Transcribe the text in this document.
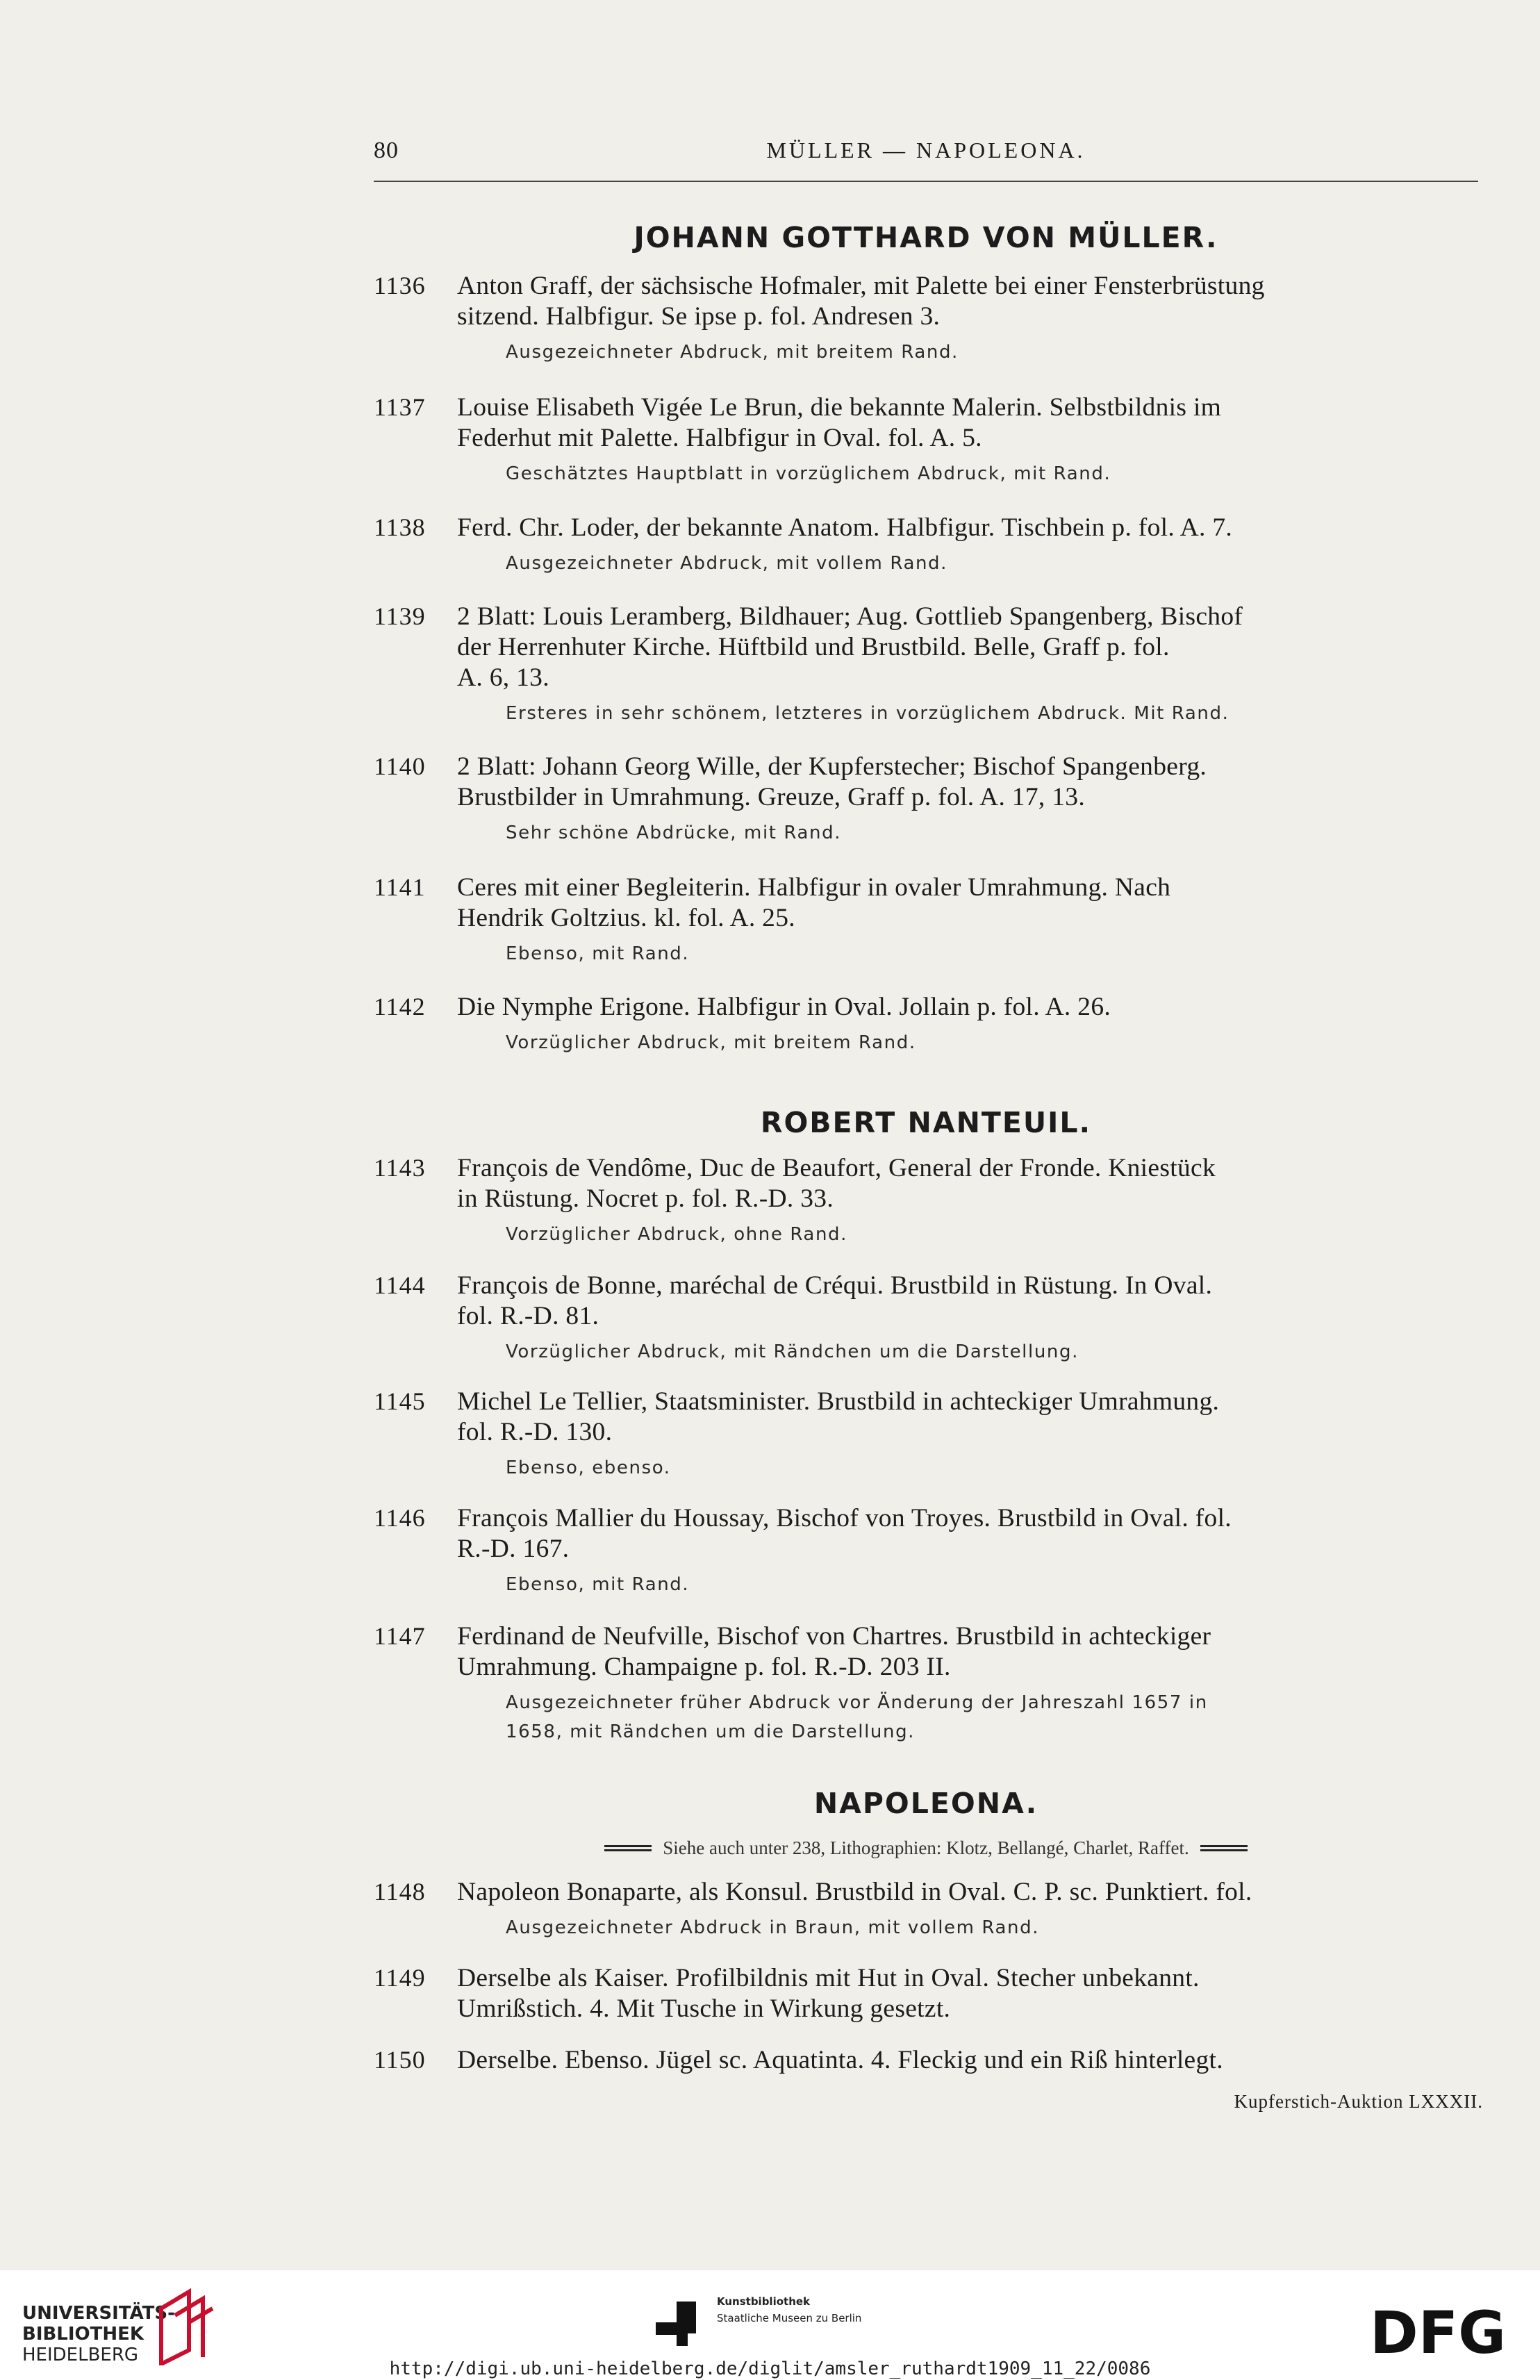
80	MÜLLER — NAPOLEONA.
JOHANN GOTTHARD VON MÜLLER.
1136 Anton Graff, der sächsische Hofmaler, mit Palette bei einer Fensterbrüstung
sitzend. Halbfigur. Se ipse p. fol. Andresen 3.
Ausgezeichneter Abdruck, mit breitem Rand.
1137 Louise Elisabeth Vigée Le Brun, die bekannte Malerin. Selbstbildnis im
Federhut mit Palette. Halbfigur in Oval. fol. A. 5.
Geschätztes Hauptblatt in vorzüglichem Abdruck, mit Rand.
1138 Ferd. Chr. Loder, der bekannte Anatom. Halbfigur. Tischbein p. fol. A. 7.
Ausgezeichneter Abdruck, mit vollem Rand.
1139 2 Blatt: Louis Leramberg, Bildhauer; Aug. Gottlieb Spangenberg, Bischof
der Herrenhuter Kirche. Hüftbild und Brustbild. Belle, Graff p. fol.
A. 6, 13.
Ersteres in sehr schönem, letzteres in vorzüglichem Abdruck. Mit Rand.
1140 2 Blatt: Johann Georg Wille, der Kupferstecher; Bischof Spangenberg.
Brustbilder in Umrahmung. Greuze, Graff p. fol. A. 17, 13.
Sehr schöne Abdrücke, mit Rand.
1141 Ceres mit einer Begleiterin. Halbfigur in ovaler Umrahmung. Nach
Hendrik Goltzius. kl. fol. A. 25.
Ebenso, mit Rand.
1142 Die Nymphe Erigone. Halbfigur in Oval. Jollain p. fol. A. 26.
Vorzüglicher Abdruck, mit breitem Rand.
ROBERT NANTEUIL.
1143 François de Vendôme, Duc de Beaufort, General der Fronde. Kniestück
in Rüstung. Nocret p. fol. R.-D. 33.
Vorzüglicher Abdruck, ohne Rand.
1144 François de Bonne, maréchal de Créqui. Brustbild in Rüstung. In Oval.
fol. R.-D. 81.
Vorzüglicher Abdruck, mit Rändchen um die Darstellung.
1145 Michel Le Tellier, Staatsminister. Brustbild in achteckiger Umrahmung.
fol. R.-D. 130.
Ebenso, ebenso.
1146 François Mallier du Houssay, Bischof von Troyes. Brustbild in Oval. fol.
R.-D. 167.
Ebenso, mit Rand.
1147 Ferdinand de Neufville, Bischof von Chartres. Brustbild in achteckiger
Umrahmung. Champaigne p. fol. R.-D. 203 II.
Ausgezeichneter früher Abdruck vor Änderung der Jahreszahl 1657 in
1658, mit Rändchen um die Darstellung.
NAPOLEONA.
Siehe auch unter 238, Lithographien: Klotz, Bellangé, Charlet, Raffet.
1148 Napoleon Bonaparte, als Konsul. Brustbild in Oval. C. P. sc. Punktiert. fol.
Ausgezeichneter Abdruck in Braun, mit vollem Rand.
1149 Derselbe als Kaiser. Profilbildnis mit Hut in Oval. Stecher unbekannt.
Umrißstich. 4. Mit Tusche in Wirkung gesetzt.
1150 Derselbe. Ebenso. Jügel sc. Aquatinta. 4. Fleckig und ein Riß hinterlegt.
Kupferstich-Auktion LXXXII.
UNIVERSITÄTS-
BIBLIOTHEK
HEIDELBERG
Kunstbibliothek
Staatliche Museen zu Berlin	DFG
http://digi.ub.uni-heidelberg.de/diglit/amsler_ruthardt1909_11_22/0086
